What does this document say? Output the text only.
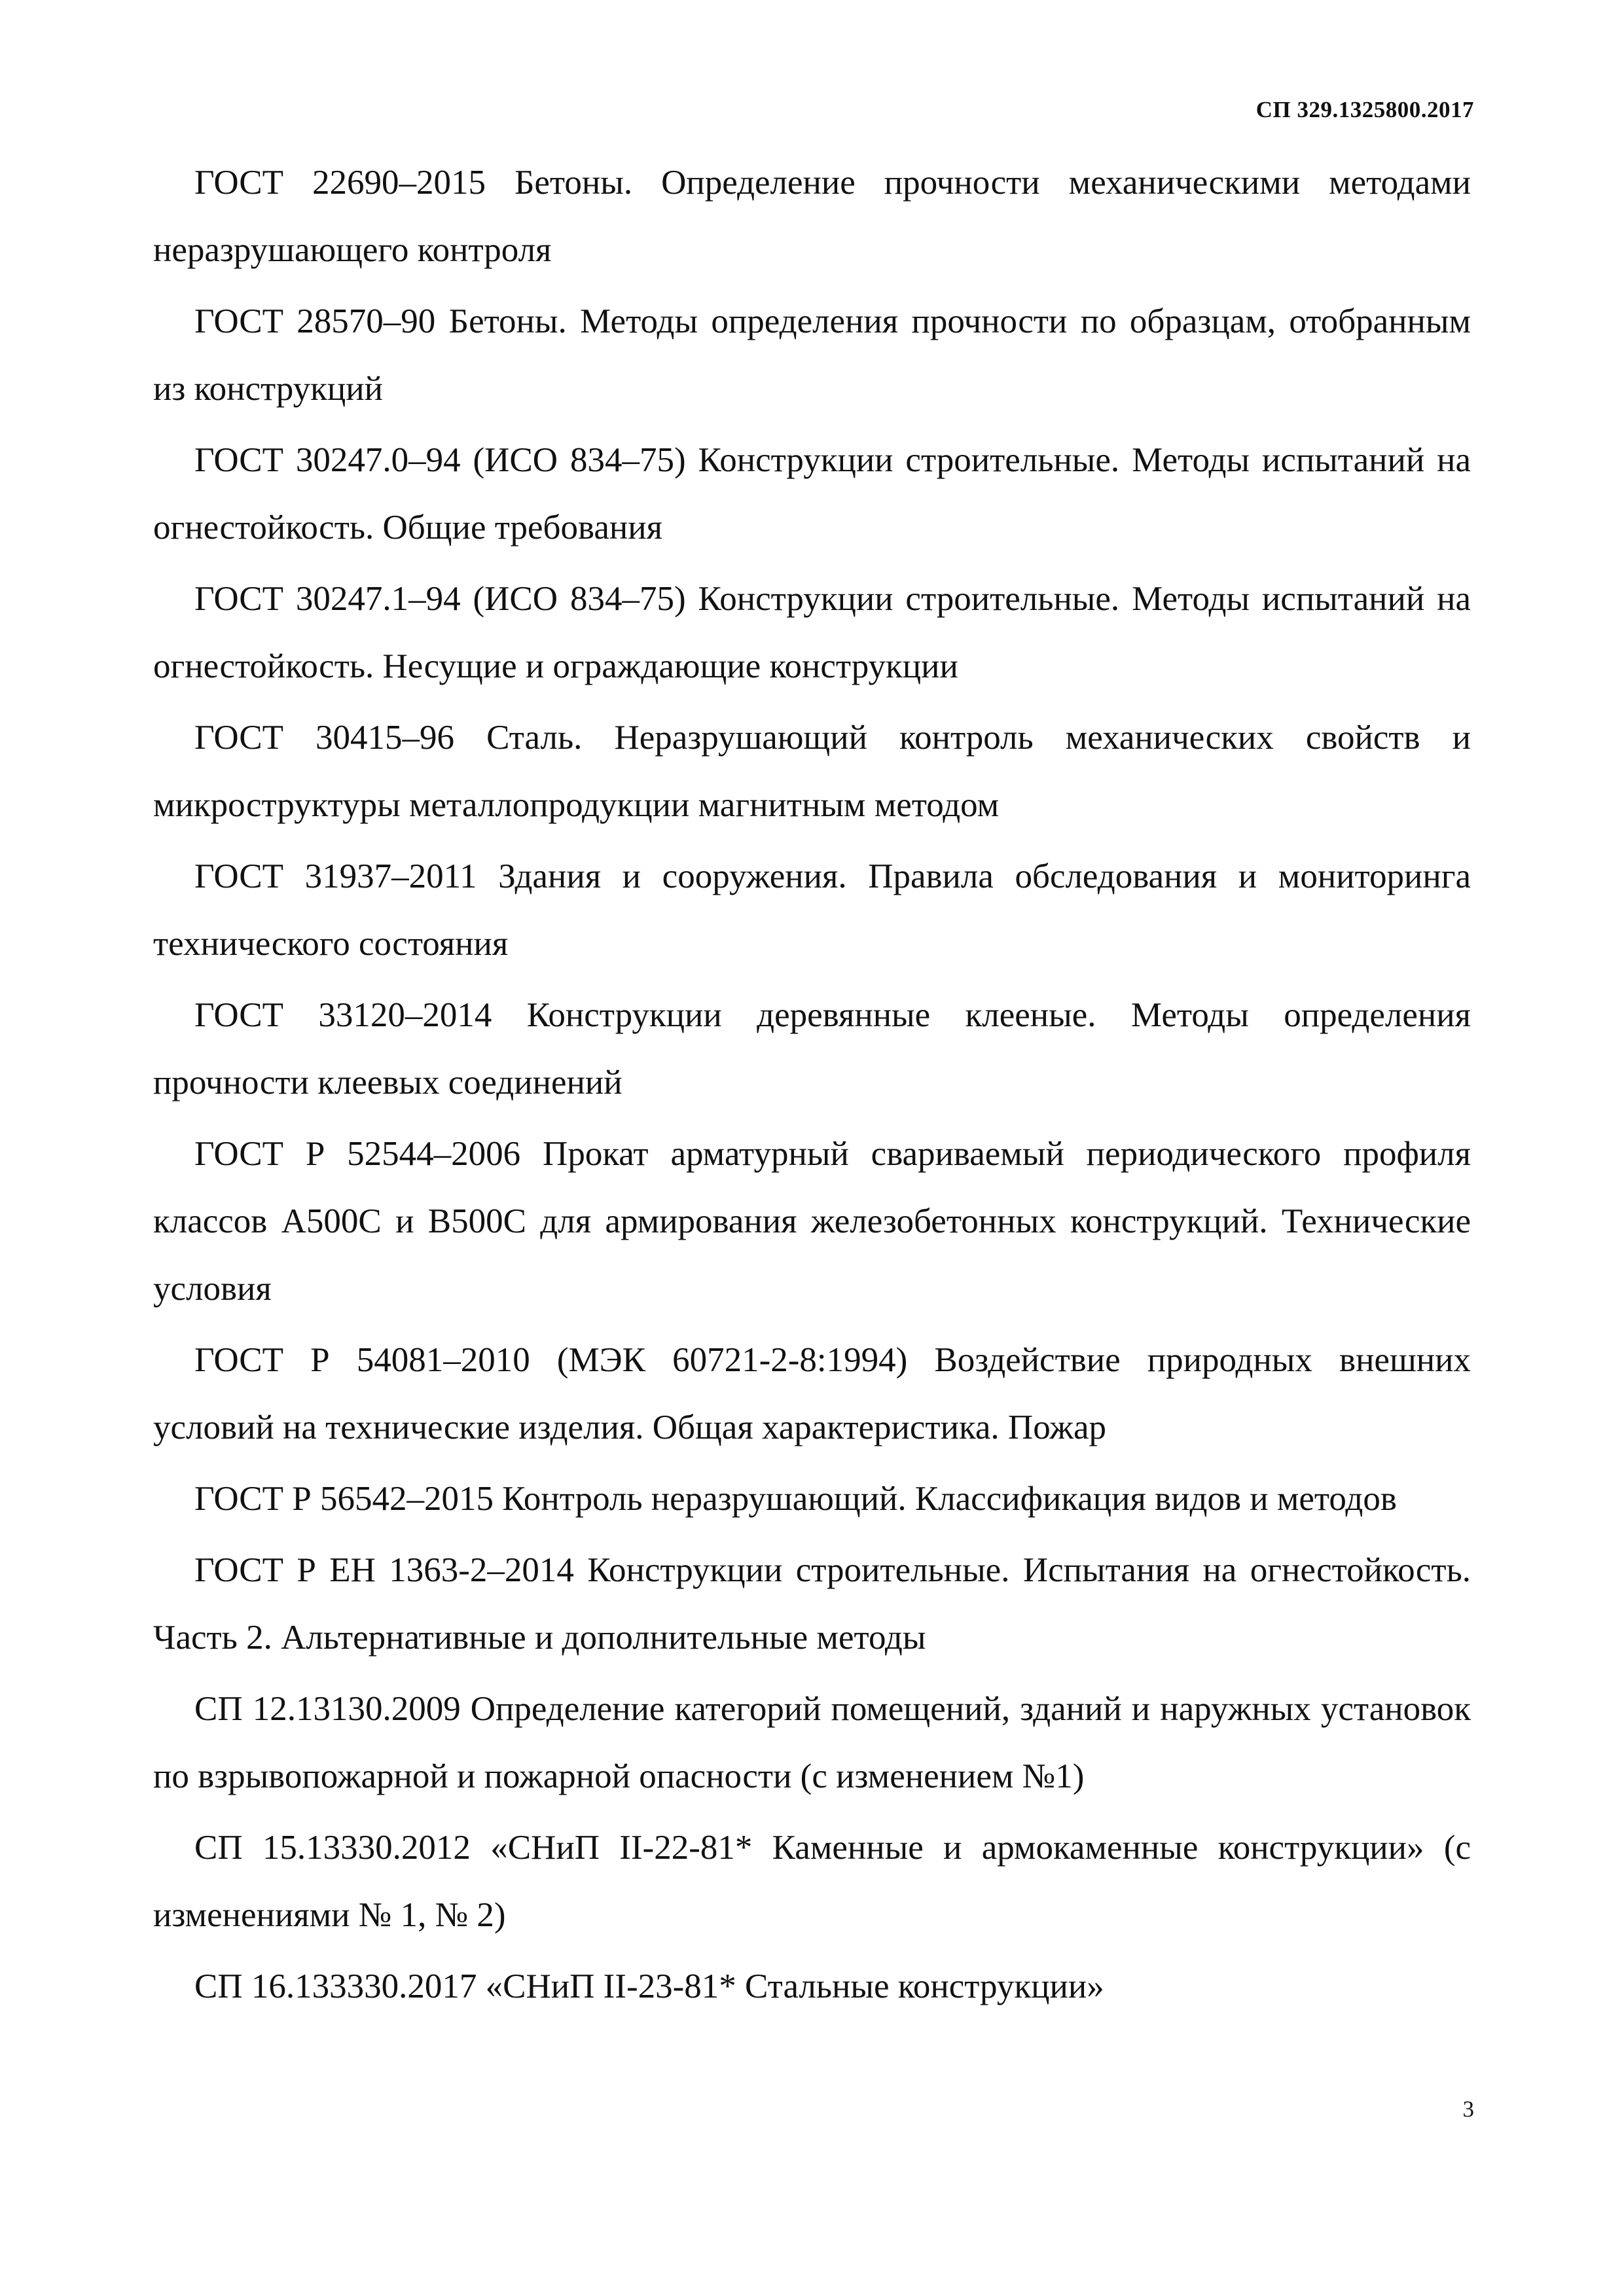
СП 329.1325800.2017
ГОСТ 22690–2015 Бетоны. Определение прочности механическими методами неразрушающего контроля
ГОСТ 28570–90 Бетоны. Методы определения прочности по образцам, отобранным из конструкций
ГОСТ 30247.0–94 (ИСО 834–75) Конструкции строительные. Методы испытаний на огнестойкость. Общие требования
ГОСТ 30247.1–94 (ИСО 834–75) Конструкции строительные. Методы испытаний на огнестойкость. Несущие и ограждающие конструкции
ГОСТ 30415–96 Сталь. Неразрушающий контроль механических свойств и микроструктуры металлопродукции магнитным методом
ГОСТ 31937–2011 Здания и сооружения. Правила обследования и мониторинга технического состояния
ГОСТ 33120–2014 Конструкции деревянные клееные. Методы определения прочности клеевых соединений
ГОСТ Р 52544–2006 Прокат арматурный свариваемый периодического профиля классов А500С и В500С для армирования железобетонных конструкций. Технические условия
ГОСТ Р 54081–2010 (МЭК 60721-2-8:1994) Воздействие природных внешних условий на технические изделия. Общая характеристика. Пожар
ГОСТ Р 56542–2015 Контроль неразрушающий. Классификация видов и методов
ГОСТ Р ЕН 1363-2–2014 Конструкции строительные. Испытания на огнестойкость. Часть 2. Альтернативные и дополнительные методы
СП 12.13130.2009 Определение категорий помещений, зданий и наружных установок по взрывопожарной и пожарной опасности (с изменением №1)
СП 15.13330.2012 «СНиП II-22-81* Каменные и армокаменные конструкции» (с изменениями № 1, № 2)
СП 16.133330.2017 «СНиП II-23-81* Стальные конструкции»
3
